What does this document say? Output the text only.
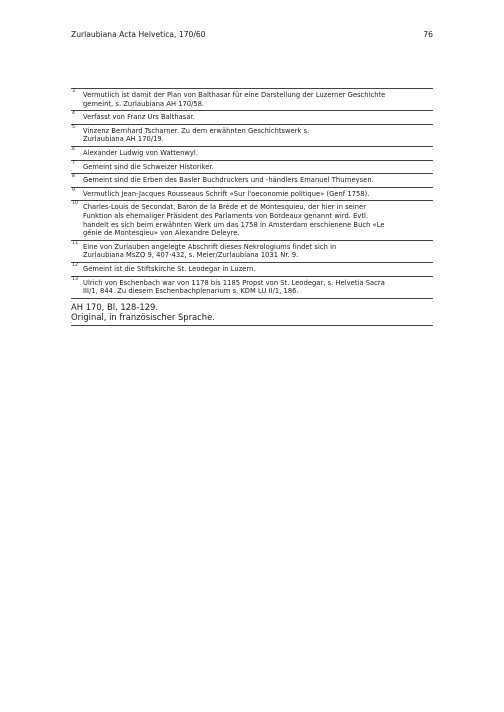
Zurlaubiana Acta Helvetica, 170/60	76
3 Vermutlich ist damit der Plan von Balthasar für eine Darstellung der Luzerner Geschichte
gemeint, s. Zurlaubiana AH 170/58.
4 Verfasst von Franz Urs Balthasar.
5 Vinzenz Bernhard Tscharner. Zu dem erwähnten Geschichtswerk s.
Zurlaubiana AH 170/19.
6 Alexander Ludwig von Wattenwyl.
7 Gemeint sind die Schweizer Historiker.
8 Gemeint sind die Erben des Basler Buchdruckers und -händlers Emanuel Thurneysen.
9 Vermutlich Jean-Jacques Rousseaus Schrift «Sur l'oeconomie politique» (Genf 1758).
10 Charles-Louis de Secondat, Baron de la Brède et de Montesquieu, der hier in seiner
Funktion als ehemaliger Präsident des Parlaments von Bordeaux genannt wird. Evtl.
handelt es sich beim erwähnten Werk um das 1758 in Amsterdam erschienene Buch «Le
génie de Montesqieu» von Alexandre Deleyre.
11 Eine von Zurlauben angelegte Abschrift dieses Nekrologiums findet sich in
Zurlaubiana MsZQ 9, 407-432, s. Meier/Zurlaubiana 1031 Nr. 9.
12 Gemeint ist die Stiftskirche St. Leodegar in Luzern.
13 Ulrich von Eschenbach war von 1178 bis 1185 Propst von St. Leodegar, s. Helvetia Sacra
III/1, 844. Zu diesem Eschenbachplenarium s. KDM LU II/1, 186.
AH 170, Bl. 128-129.
Original, in französischer Sprache.
